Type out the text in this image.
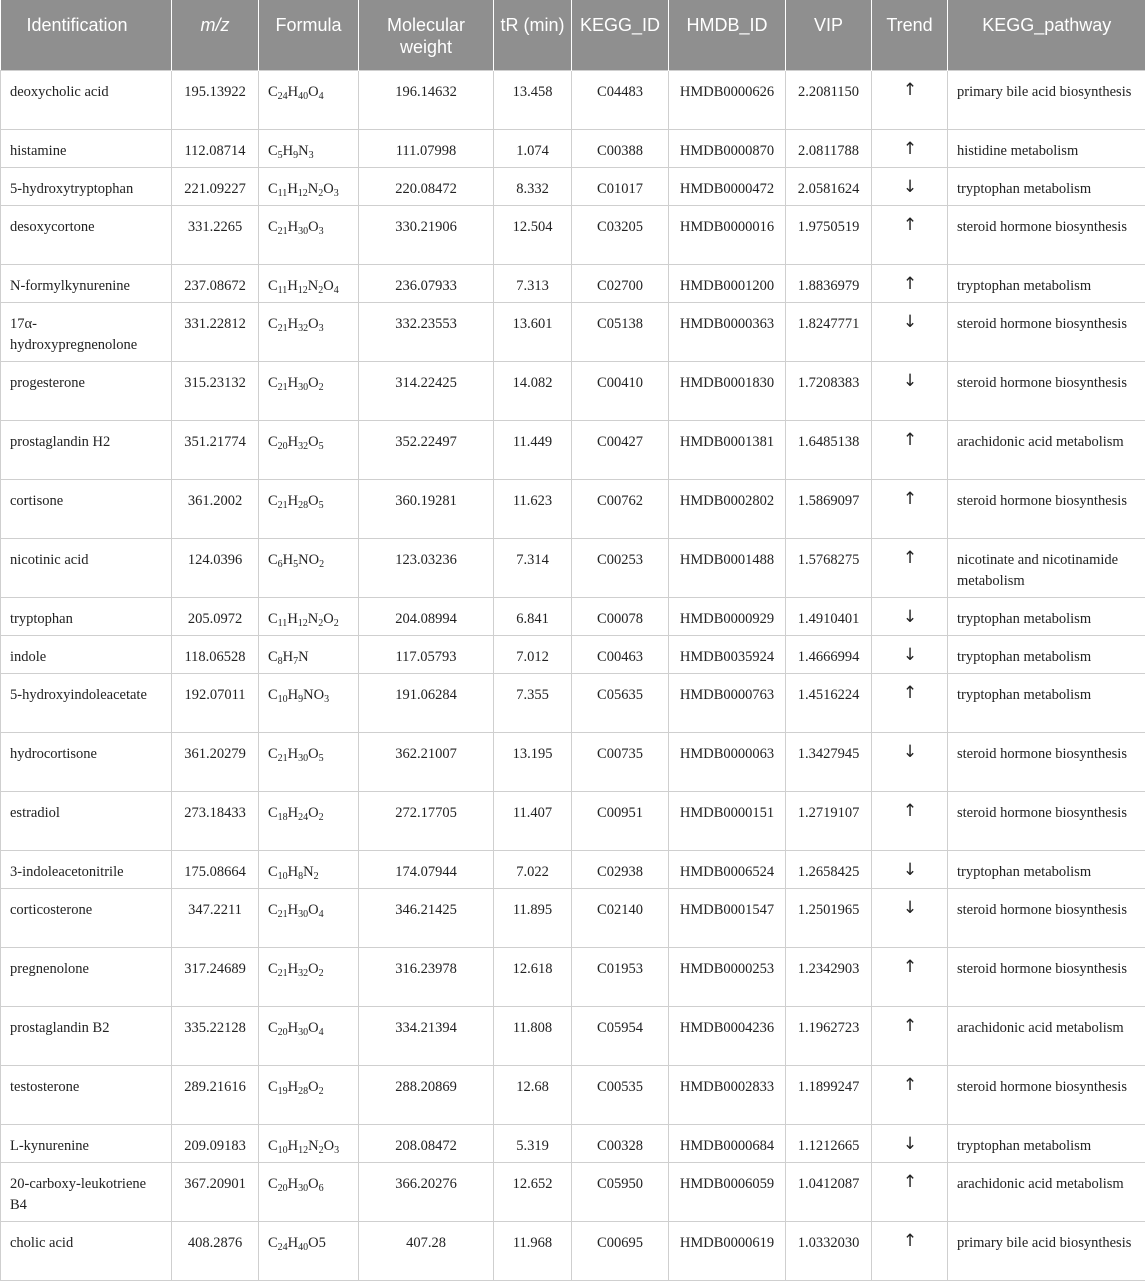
Identification	m/z	Formula	Molecular weight	tR (min)	KEGG_ID	HMDB_ID	VIP	Trend	KEGG_pathway
deoxycholic acid	195.13922	$C_{24}H_{40}O_4$	196.14632	13.458	C04483	HMDB0000626	2.2081150	↑	primary bile acid biosynthesis
histamine	112.08714	$C_5H_9N_3$	111.07998	1.074	C00388	HMDB0000870	2.0811788	↑	histidine metabolism
5-hydroxytryptophan	221.09227	$C_{11}H_{12}N_2O_3$	220.08472	8.332	C01017	HMDB0000472	2.0581624	↓	tryptophan metabolism
desoxycortone	331.2265	$C_{21}H_{30}O_3$	330.21906	12.504	C03205	HMDB0000016	1.9750519	↑	steroid hormone biosynthesis
N-formylkynurenine	237.08672	$C_{11}H_{12}N_2O_4$	236.07933	7.313	C02700	HMDB0001200	1.8836979	↑	tryptophan metabolism
17α-hydroxypregnenolone	331.22812	$C_{21}H_{32}O_3$	332.23553	13.601	C05138	HMDB0000363	1.8247771	↓	steroid hormone biosynthesis
progesterone	315.23132	$C_{21}H_{30}O_2$	314.22425	14.082	C00410	HMDB0001830	1.7208383	↓	steroid hormone biosynthesis
prostaglandin H2	351.21774	$C_{20}H_{32}O_5$	352.22497	11.449	C00427	HMDB0001381	1.6485138	↑	arachidonic acid metabolism
cortisone	361.2002	$C_{21}H_{28}O_5$	360.19281	11.623	C00762	HMDB0002802	1.5869097	↑	steroid hormone biosynthesis
nicotinic acid	124.0396	$C_6H_5NO_2$	123.03236	7.314	C00253	HMDB0001488	1.5768275	↑	nicotinate and nicotinamide metabolism
tryptophan	205.0972	$C_{11}H_{12}N_2O_2$	204.08994	6.841	C00078	HMDB0000929	1.4910401	↓	tryptophan metabolism
indole	118.06528	$C_8H_7N$	117.05793	7.012	C00463	HMDB0035924	1.4666994	↓	tryptophan metabolism
5-hydroxyindoleacetate	192.07011	$C_{10}H_9NO_3$	191.06284	7.355	C05635	HMDB0000763	1.4516224	↑	tryptophan metabolism
hydrocortisone	361.20279	$C_{21}H_{30}O_5$	362.21007	13.195	C00735	HMDB0000063	1.3427945	↓	steroid hormone biosynthesis
estradiol	273.18433	$C_{18}H_{24}O_2$	272.17705	11.407	C00951	HMDB0000151	1.2719107	↑	steroid hormone biosynthesis
3-indoleacetonitrile	175.08664	$C_{10}H_8N_2$	174.07944	7.022	C02938	HMDB0006524	1.2658425	↓	tryptophan metabolism
corticosterone	347.2211	$C_{21}H_{30}O_4$	346.21425	11.895	C02140	HMDB0001547	1.2501965	↓	steroid hormone biosynthesis
pregnenolone	317.24689	$C_{21}H_{32}O_2$	316.23978	12.618	C01953	HMDB0000253	1.2342903	↑	steroid hormone biosynthesis
prostaglandin B2	335.22128	$C_{20}H_{30}O_4$	334.21394	11.808	C05954	HMDB0004236	1.1962723	↑	arachidonic acid metabolism
testosterone	289.21616	$C_{19}H_{28}O_2$	288.20869	12.68	C00535	HMDB0002833	1.1899247	↑	steroid hormone biosynthesis
L-kynurenine	209.09183	$C_{10}H_{12}N_2O_3$	208.08472	5.319	C00328	HMDB0000684	1.1212665	↓	tryptophan metabolism
20-carboxy-leukotriene B4	367.20901	$C_{20}H_{30}O_6$	366.20276	12.652	C05950	HMDB0006059	1.0412087	↑	arachidonic acid metabolism
cholic acid	408.2876	$C_{24}H_{40}O5$	407.28	11.968	C00695	HMDB0000619	1.0332030	↑	primary bile acid biosynthesis
